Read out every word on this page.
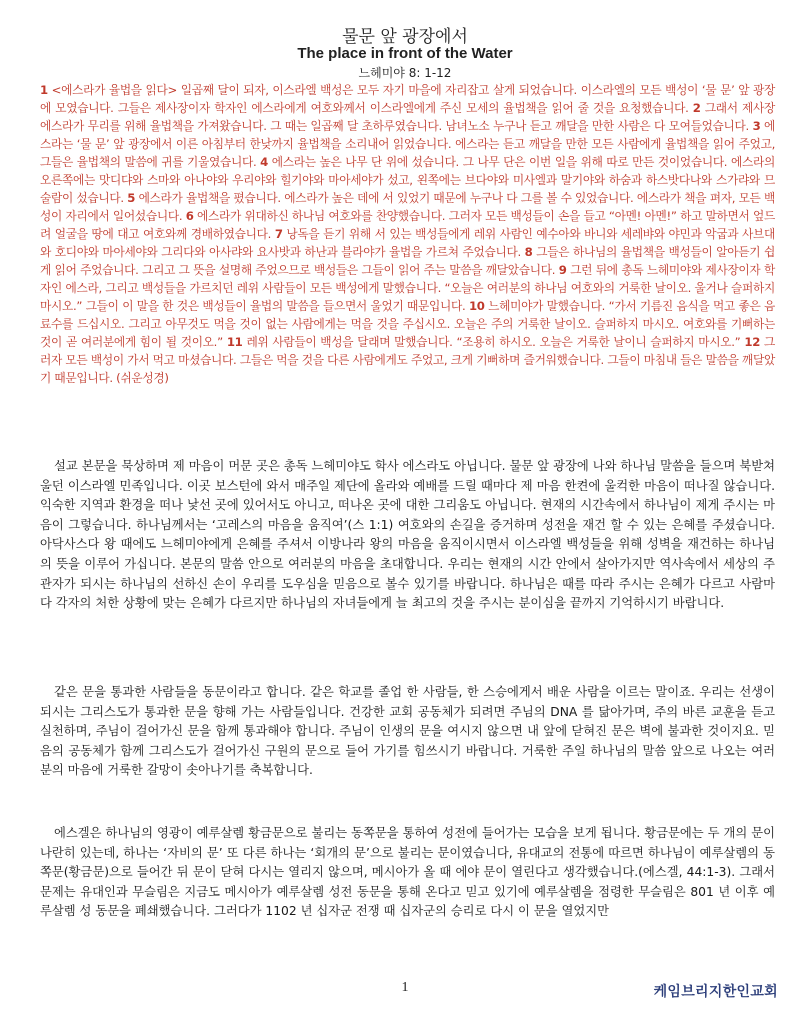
물문 앞 광장에서
The place in front of the Water
느헤미야 8: 1-12
1 <에스라가 율법을 읽다> 일곱째 달이 되자, 이스라엘 백성은 모두 자기 마을에 자리잡고 살게 되었습니다. 이스라엘의 모든 백성이 ‘물 문’ 앞 광장에 모였습니다. 그들은 제사장이자 학자인 에스라에게 여호와께서 이스라엘에게 주신 모세의 율법책을 읽어 줄 것을 요청했습니다. 2 그래서 제사장 에스라가 무리를 위해 율법책을 가져왔습니다. 그 때는 일곱째 달 초하루였습니다. 남녀노소 누구나 듣고 깨달을 만한 사람은 다 모여들었습니다. 3 에스라는 ‘물 문’ 앞 광장에서 이른 아침부터 한낮까지 율법책을 소리내어 읽었습니다. 에스라는 듣고 깨달을 만한 모든 사람에게 율법책을 읽어 주었고, 그들은 율법책의 말씀에 귀를 기울였습니다. 4 에스라는 높은 나무 단 위에 섰습니다. 그 나무 단은 이번 일을 위해 따로 만든 것이었습니다. 에스라의 오른쪽에는 맛디댜와 스마와 아나야와 우리야와 힐기야와 마아세야가 섰고, 왼쪽에는 브다야와 미사엘과 말기야와 하숨과 하스밧다나와 스가랴와 므술람이 섰습니다. 5 에스라가 율법책을 폈습니다. 에스라가 높은 데에 서 있었기 때문에 누구나 다 그를 볼 수 있었습니다. 에스라가 책을 펴자, 모든 백성이 자리에서 일어섰습니다. 6 에스라가 위대하신 하나님 여호와를 찬양했습니다. 그러자 모든 백성들이 손을 들고 “아멘! 아멘!” 하고 말하면서 엎드려 얼굴을 땅에 대고 여호와께 경배하였습니다. 7 낭독을 듣기 위해 서 있는 백성들에게 레위 사람인 예수아와 바니와 세레뱌와 야민과 악굽과 사브대와 호디야와 마아세야와 그리다와 아사랴와 요사밧과 하난과 블라야가 율법을 가르쳐 주었습니다. 8 그들은 하나님의 율법책을 백성들이 알아듣기 쉽게 읽어 주었습니다. 그리고 그 뜻을 설명해 주었으므로 백성들은 그들이 읽어 주는 말씀을 깨달았습니다. 9 그런 뒤에 총독 느헤미야와 제사장이자 학자인 에스라, 그리고 백성들을 가르치던 레위 사람들이 모든 백성에게 말했습니다. “오늘은 여러분의 하나님 여호와의 거룩한 날이오. 울거나 슬퍼하지 마시오.” 그들이 이 말을 한 것은 백성들이 율법의 말씀을 들으면서 울었기 때문입니다. 10 느헤미야가 말했습니다. “가서 기름진 음식을 먹고 좋은 음료수를 드십시오. 그리고 아무것도 먹을 것이 없는 사람에게는 먹을 것을 주십시오. 오늘은 주의 거룩한 날이오. 슬퍼하지 마시오. 여호와를 기뻐하는 것이 곧 여러분에게 힘이 될 것이오.” 11 레위 사람들이 백성을 달래며 말했습니다. “조용히 하시오. 오늘은 거룩한 날이니 슬퍼하지 마시오.” 12 그러자 모든 백성이 가서 먹고 마셨습니다. 그들은 먹을 것을 다른 사람에게도 주었고, 크게 기뻐하며 즐거워했습니다. 그들이 마침내 들은 말씀을 깨달았기 때문입니다. (쉬운성경)
설교 본문을 묵상하며 제 마음이 머문 곳은 총독 느헤미야도 학사 에스라도 아닙니다. 물문 앞 광장에 나와 하나님 말씀을 들으며 북받쳐 울던 이스라엘 민족입니다. 이곳 보스턴에 와서 매주일 제단에 올라와 예배를 드릴 때마다 제 마음 한켠에 울컥한 마음이 떠나질 않습니다. 익숙한 지역과 환경을 떠나 낯선 곳에 있어서도 아니고, 떠나온 곳에 대한 그리움도 아닙니다. 현재의 시간속에서 하나님이 제게 주시는 마음이 그렇습니다. 하나님께서는 ‘고레스의 마음을 움직여’(스 1:1) 여호와의 손길을 증거하며 성전을 재건 할 수 있는 은혜를 주셨습니다. 아닥사스다 왕 때에도 느헤미야에게 은혜를 주셔서 이방나라 왕의 마음을 움직이시면서 이스라엘 백성들을 위해 성벽을 재건하는 하나님의 뜻을 이루어 가십니다. 본문의 말씀 안으로 여러분의 마음을 초대합니다. 우리는 현재의 시간 안에서 살아가지만 역사속에서 세상의 주관자가 되시는 하나님의 선하신 손이 우리를 도우심을 믿음으로 볼수 있기를 바랍니다. 하나님은 때를 따라 주시는 은혜가 다르고 사람마다 각자의 처한 상황에 맞는 은혜가 다르지만 하나님의 자녀들에게 늘 최고의 것을 주시는 분이심을 끝까지 기억하시기 바랍니다.
같은 문을 통과한 사람들을 동문이라고 합니다. 같은 학교를 졸업 한 사람들, 한 스승에게서 배운 사람을 이르는 말이죠. 우리는 선생이 되시는 그리스도가 통과한 문을 향해 가는 사람들입니다. 건강한 교회 공동체가 되려면 주님의 DNA 를 닮아가며, 주의 바른 교훈을 듣고 실천하며, 주님이 걸어가신 문을 함께 통과해야 합니다. 주님이 인생의 문을 여시지 않으면 내 앞에 닫혀진 문은 벽에 불과한 것이지요. 믿음의 공동체가 함께 그리스도가 걸어가신 구원의 문으로 들어 가기를 힘쓰시기 바랍니다. 거룩한 주일 하나님의 말씀 앞으로 나오는 여러분의 마음에 거룩한 갈망이 솟아나기를 축복합니다.
에스겔은 하나님의 영광이 예루살렘 황금문으로 불리는 동쪽문을 통하여 성전에 들어가는 모습을 보게 됩니다. 황금문에는 두 개의 문이 나란히 있는데, 하나는 ‘자비의 문’ 또 다른 하나는 ‘회개의 문’으로 불리는 문이였습니다, 유대교의 전통에 따르면 하나님이 예루살렘의 동쪽문(황금문)으로 들어간 뒤 문이 닫혀 다시는 열리지 않으며, 메시아가 올 때 에야 문이 열린다고 생각했습니다.(에스겔, 44:1-3). 그래서 문제는 유대인과 무슬림은 지금도 메시아가 예루살렘 성전 동문을 통해 온다고 믿고 있기에 예루살렘을 점령한 무슬림은 801 년 이후 예루살렘 성 동문을 폐쇄했습니다. 그러다가 1102 년 십자군 전쟁 때 십자군의 승리로 다시 이 문을 열었지만
1	케임브리지한인교회
